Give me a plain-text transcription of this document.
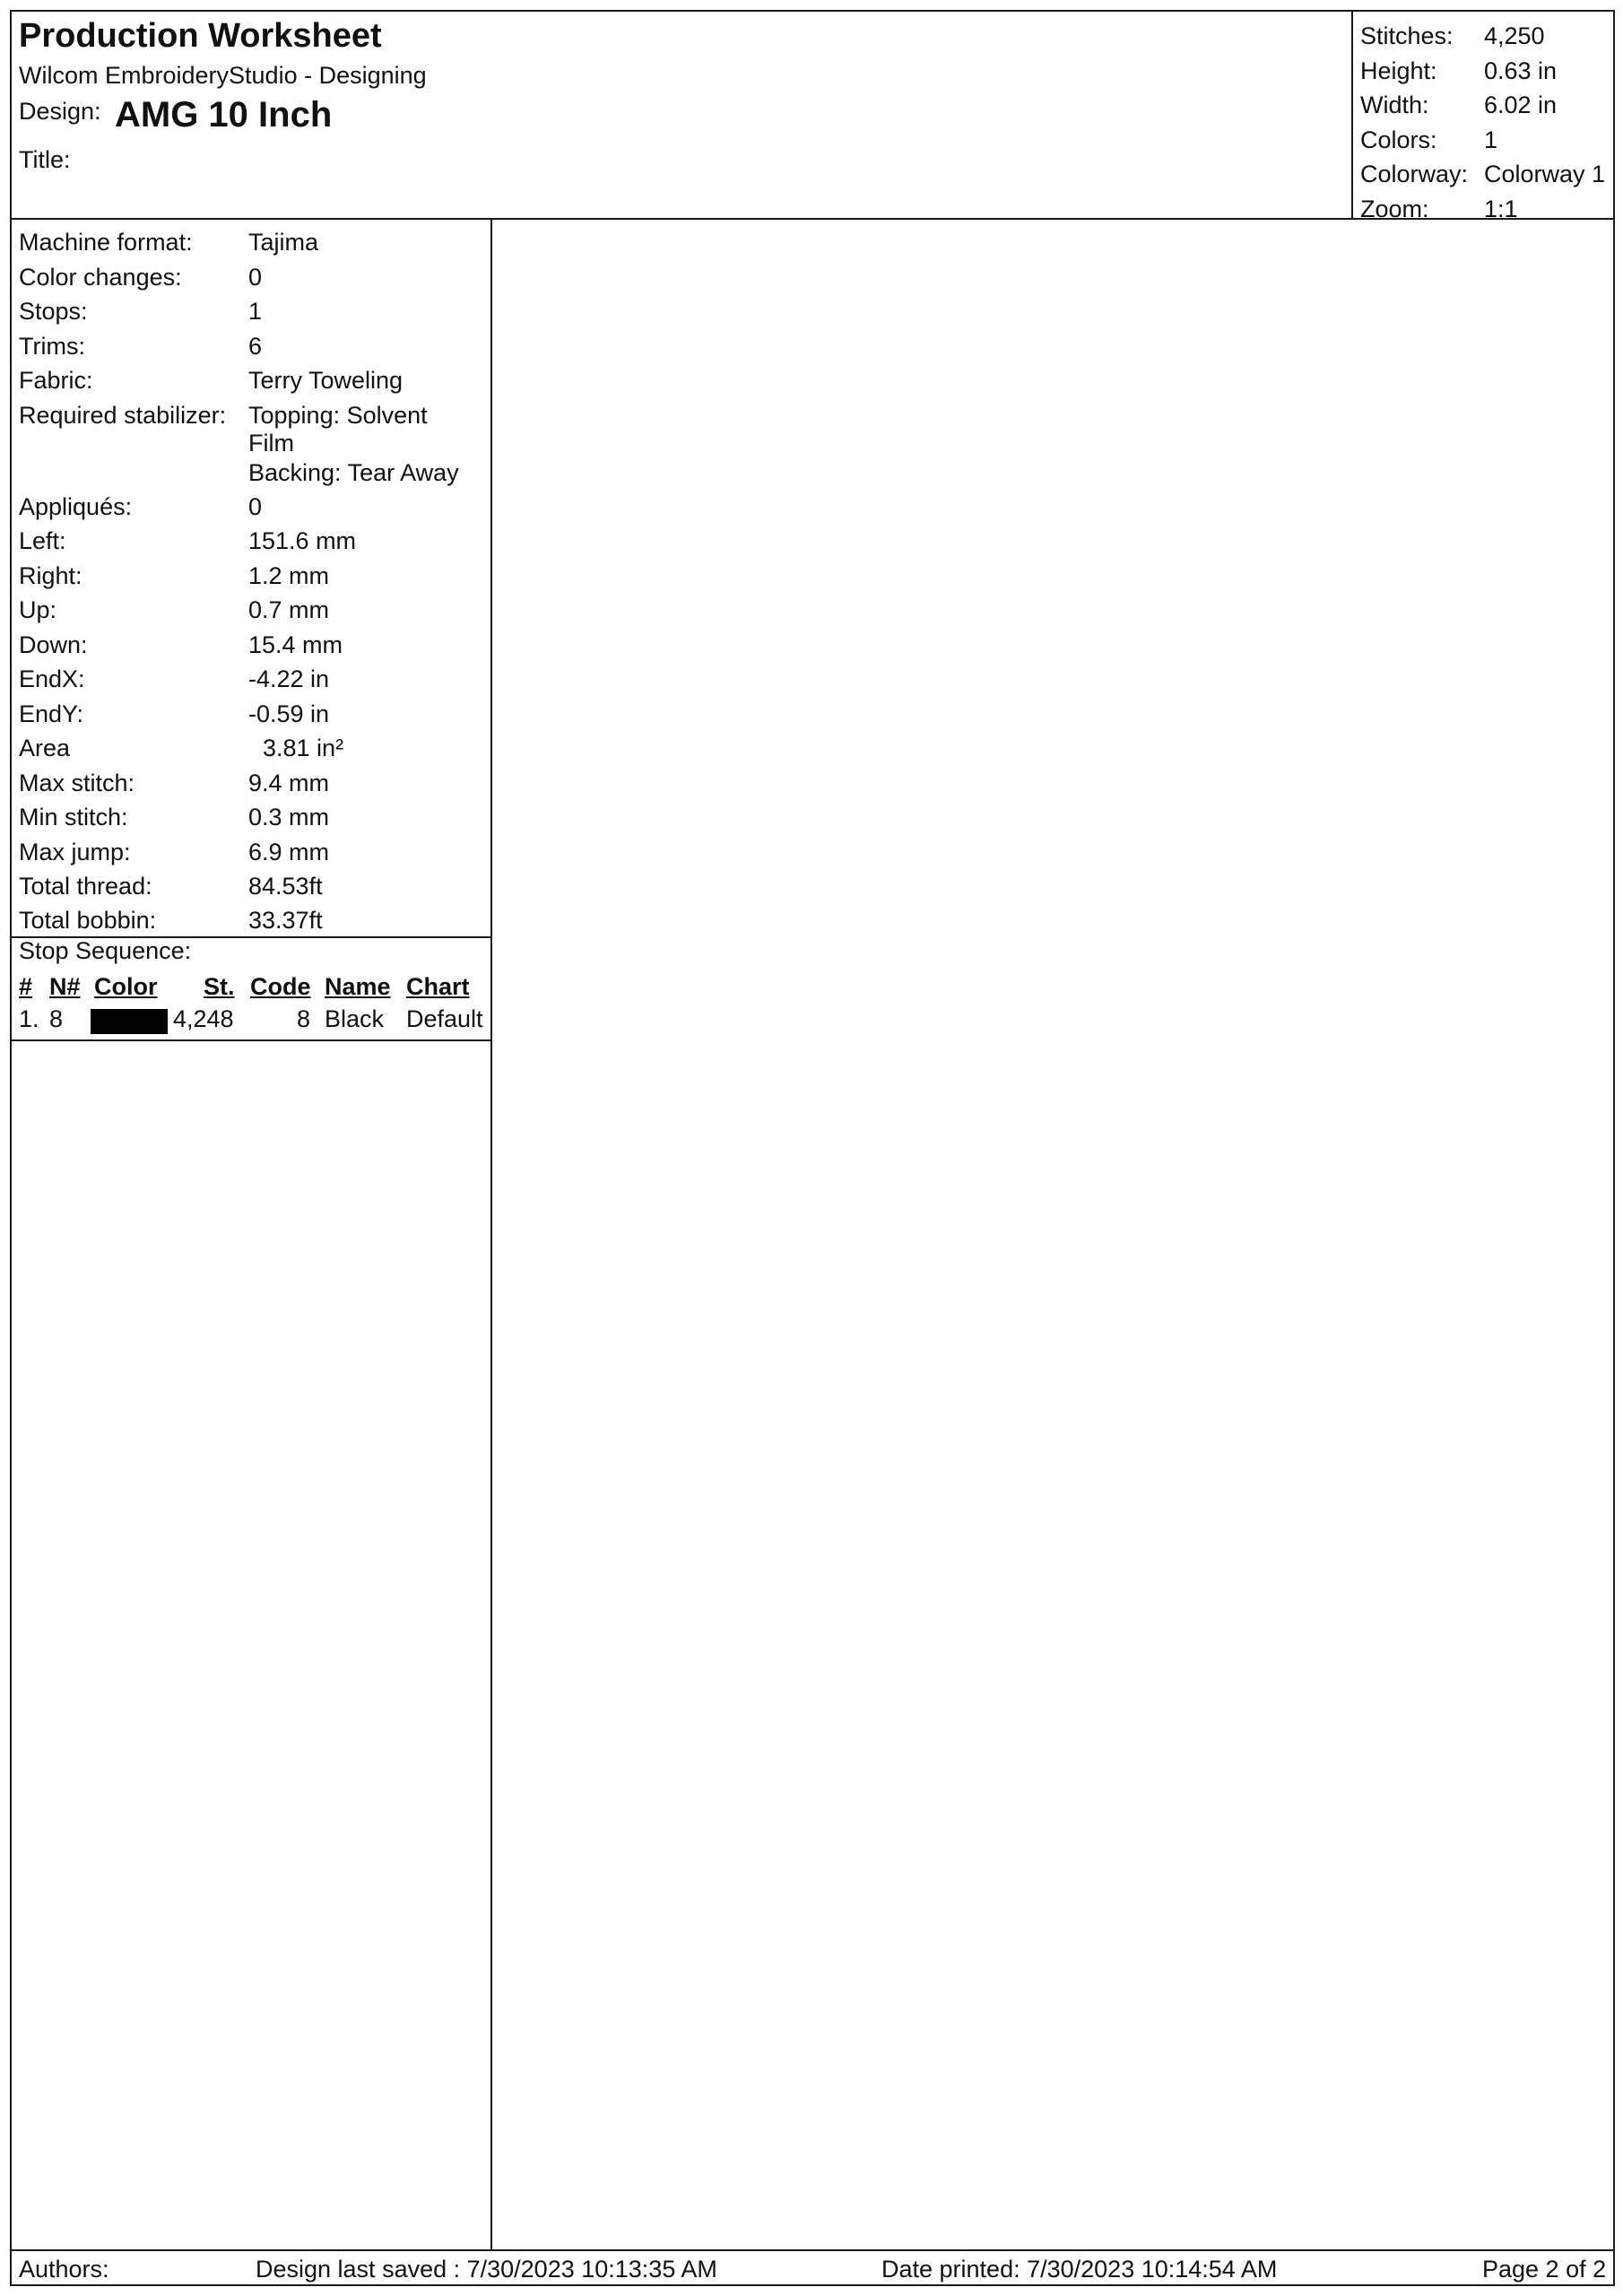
Production Worksheet
Wilcom EmbroideryStudio - Designing
Design: AMG 10 Inch
Title:
Stitches: 4,250
Height: 0.63 in
Width: 6.02 in
Colors: 1
Colorway: Colorway 1
Zoom: 1:1
Machine format: Tajima
Color changes:	0
Stops:	1
Trims:	6
Fabric:	Terry Toweling
Required stabilizer: Topping: Solvent Film
Backing: Tear Away
Appliqués:	0
Left:	151.6 mm
Right:	1.2 mm
Up:	0.7 mm
Down:	15.4 mm
EndX:	-4.22 in
EndY:	-0.59 in
Area	3.81 in²
Max stitch:	9.4 mm
Min stitch:	0.3 mm
Max jump:	6.9 mm
Total thread:	84.53ft
Total bobbin:	33.37ft
Stop Sequence:
# N# Color St. Code Name Chart
1. 8	4,248	8 Black Default
Authors:	Design last saved : 7/30/2023 10:13:35 AM	Date printed: 7/30/2023 10:14:54 AM	Page 2 of 2
